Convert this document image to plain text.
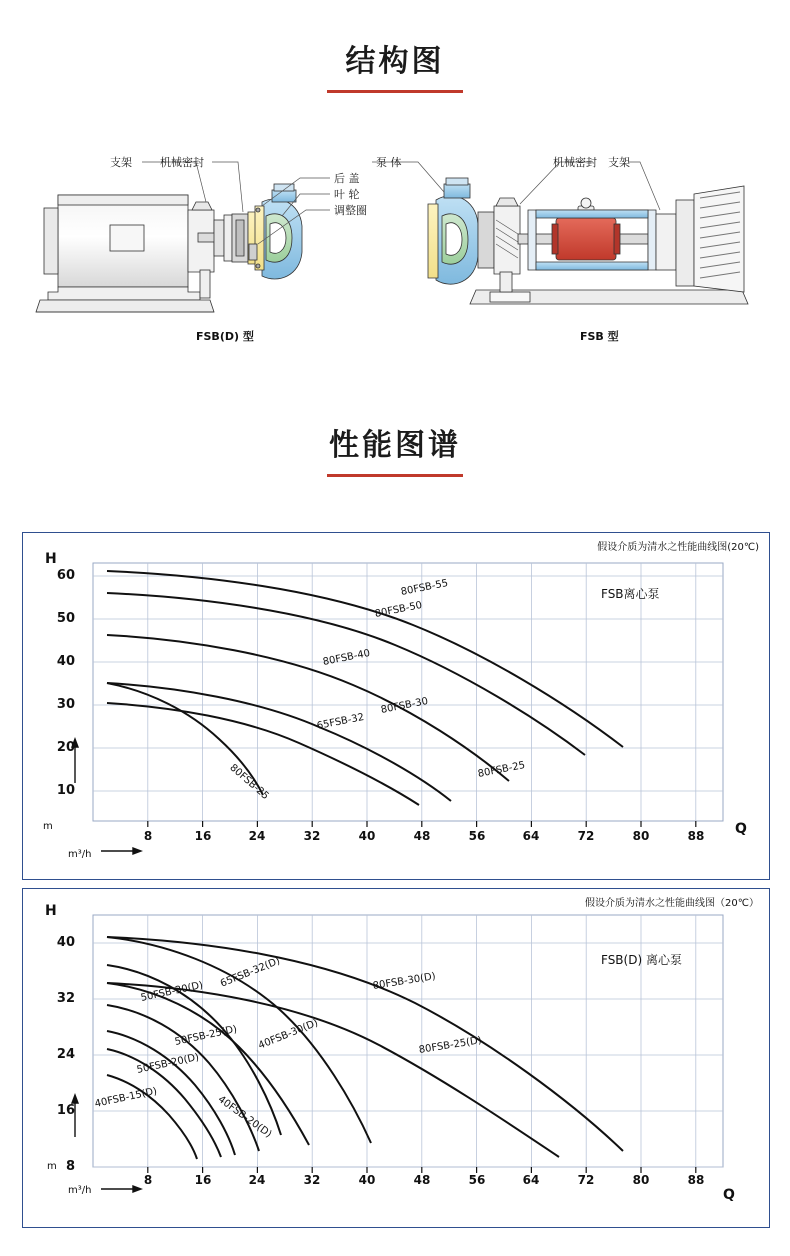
结构图
支架	机械密封
后 盖
叶 轮
调整圈
泵 体	机械密封 支架
FSB(D) 型	FSB 型
性能图谱
假设介质为清水之性能曲线图(20℃)
H
Q
m
m³/h
FSB离心泵
10
20
30
40
50
60
8	16	24	32	40	48	56	64	72	80	88
80FSB-55
80FSB-50
80FSB-40
80FSB-30
65FSB-32
80FSB-25	80FSB-25
假设介质为清水之性能曲线图（20℃）
H
Q
m
m³/h
FSB(D) 离心泵
8
16
24
32
40
8	16	24	32	40	48	56	64	72	80	88
80FSB-30(D)
80FSB-25(D)
65FSB-32(D)
40FSB-30(D)
50FSB-30(D)
50FSB-25(D)
50FSB-20(D)
40FSB-20(D)
40FSB-15(D)
